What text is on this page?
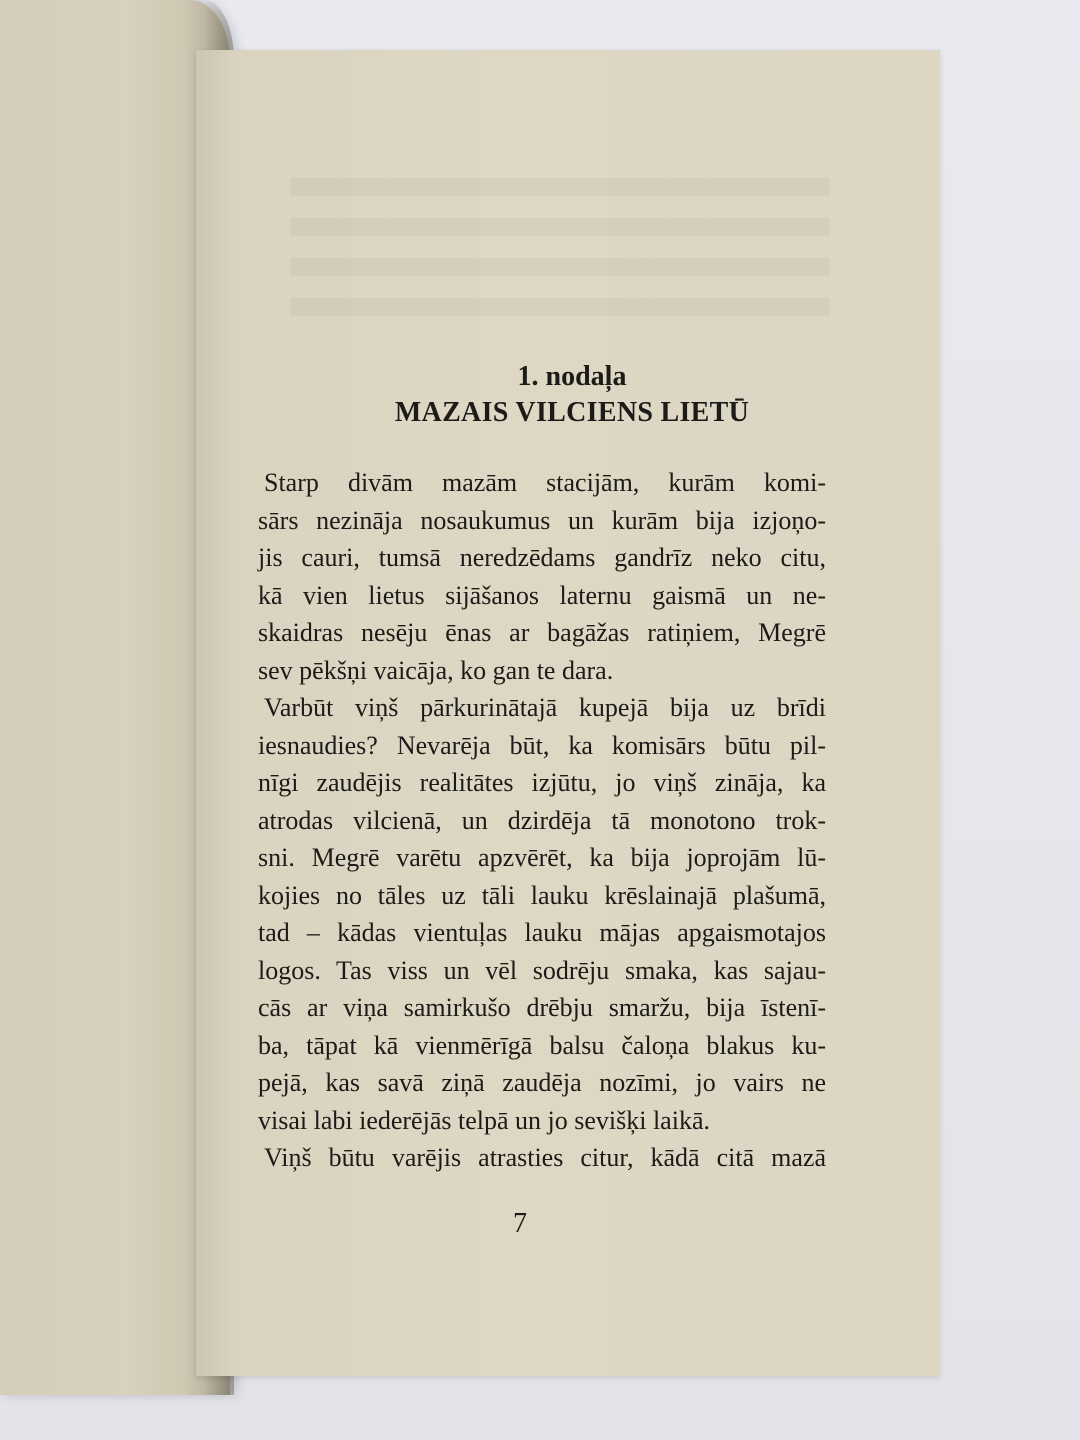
1. nodaļa
MAZAIS VILCIENS LIETŪ

Starp divām mazām stacijām, kurām komi-
sārs nezināja nosaukumus un kurām bija izjoņo-
jis cauri, tumsā neredzēdams gandrīz neko citu,
kā vien lietus sijāšanos laternu gaismā un ne-
skaidras nesēju ēnas ar bagāžas ratiņiem, Megrē
sev pēkšņi vaicāja, ko gan te dara.

Varbūt viņš pārkurinātajā kupejā bija uz brīdi
iesnaudies? Nevarēja būt, ka komisārs būtu pil-
nīgi zaudējis realitātes izjūtu, jo viņš zināja, ka
atrodas vilcienā, un dzirdēja tā monotono trok-
sni. Megrē varētu apzvērēt, ka bija joprojām lū-
kojies no tāles uz tāli lauku krēslainajā plašumā,
tad – kādas vientuļas lauku mājas apgaismotajos
logos. Tas viss un vēl sodrēju smaka, kas sajau-
cās ar viņa samirkušo drēbju smaržu, bija īstenī-
ba, tāpat kā vienmērīgā balsu čaloņa blakus ku-
pejā, kas savā ziņā zaudēja nozīmi, jo vairs ne
visai labi iederējās telpā un jo sevišķi laikā.

Viņš būtu varējis atrasties citur, kādā citā mazā

7
